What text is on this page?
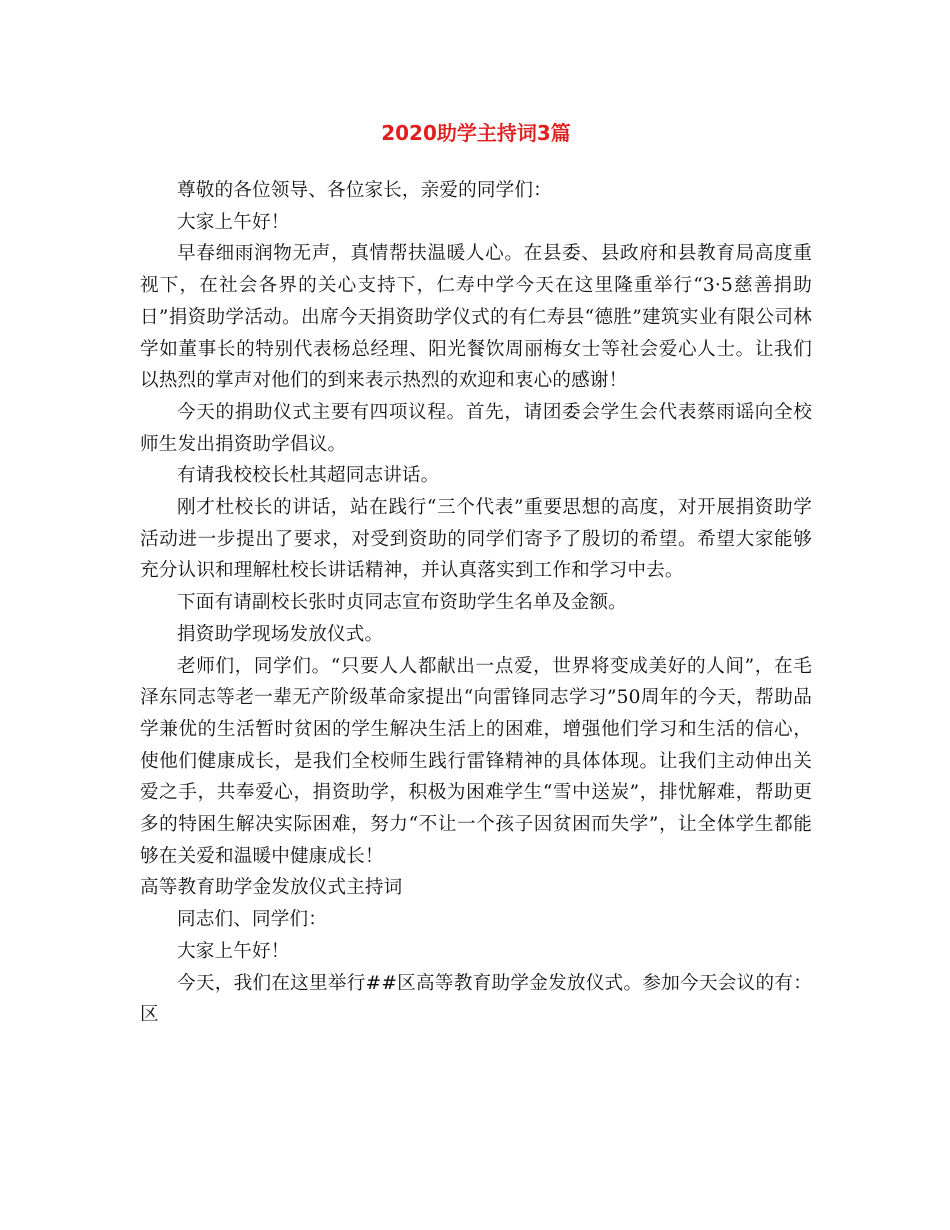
2020助学主持词3篇

尊敬的各位领导、各位家长，亲爱的同学们：

大家上午好！

早春细雨润物无声，真情帮扶温暖人心。在县委、县政府和县教育局高度重视下，在社会各界的关心支持下，仁寿中学今天在这里隆重举行“3·5慈善捐助日”捐资助学活动。出席今天捐资助学仪式的有仁寿县“德胜”建筑实业有限公司林学如董事长的特别代表杨总经理、阳光餐饮周丽梅女士等社会爱心人士。让我们以热烈的掌声对他们的到来表示热烈的欢迎和衷心的感谢！

今天的捐助仪式主要有四项议程。首先，请团委会学生会代表蔡雨谣向全校师生发出捐资助学倡议。

有请我校校长杜其超同志讲话。

刚才杜校长的讲话，站在践行“三个代表”重要思想的高度，对开展捐资助学活动进一步提出了要求，对受到资助的同学们寄予了殷切的希望。希望大家能够充分认识和理解杜校长讲话精神，并认真落实到工作和学习中去。

下面有请副校长张时贞同志宣布资助学生名单及金额。

捐资助学现场发放仪式。

老师们，同学们。“只要人人都献出一点爱，世界将变成美好的人间”，在毛泽东同志等老一辈无产阶级革命家提出“向雷锋同志学习”50周年的今天，帮助品学兼优的生活暂时贫困的学生解决生活上的困难，增强他们学习和生活的信心，使他们健康成长，是我们全校师生践行雷锋精神的具体体现。让我们主动伸出关爱之手，共奉爱心，捐资助学，积极为困难学生“雪中送炭”，排忧解难，帮助更多的特困生解决实际困难，努力“不让一个孩子因贫困而失学”，让全体学生都能够在关爱和温暖中健康成长！

高等教育助学金发放仪式主持词

同志们、同学们：

大家上午好！

今天，我们在这里举行##区高等教育助学金发放仪式。参加今天会议的有：区
